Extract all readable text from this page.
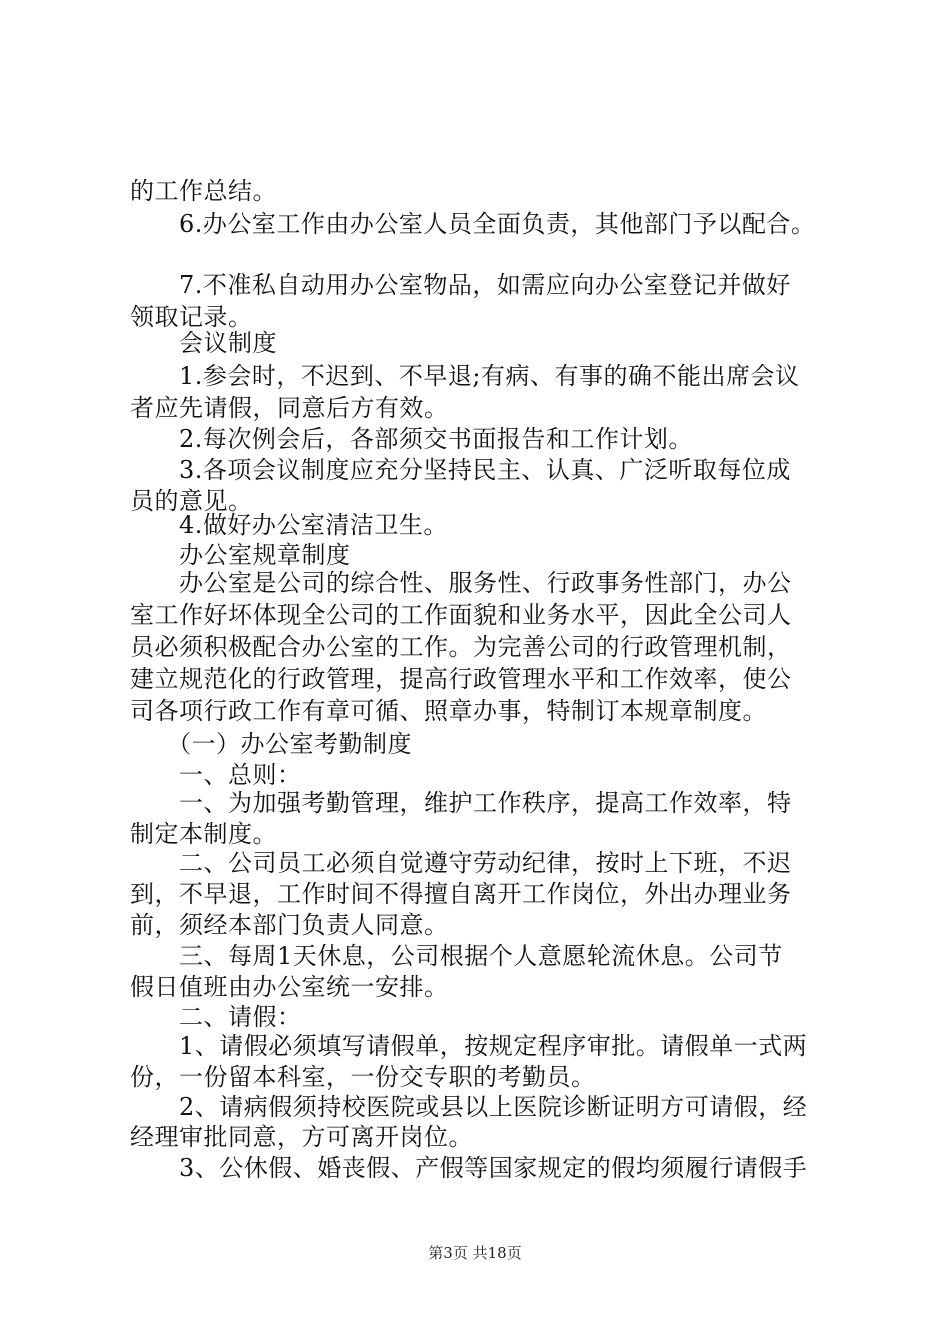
的工作总结。
　　6.办公室工作由办公室人员全面负责，其他部门予以配合。
　　7.不准私自动用办公室物品，如需应向办公室登记并做好
领取记录。
　　会议制度
　　1.参会时，不迟到、不早退;有病、有事的确不能出席会议
者应先请假，同意后方有效。
　　2.每次例会后，各部须交书面报告和工作计划。
　　3.各项会议制度应充分坚持民主、认真、广泛听取每位成
员的意见。
　　4.做好办公室清洁卫生。
　　办公室规章制度
　　办公室是公司的综合性、服务性、行政事务性部门，办公
室工作好坏体现全公司的工作面貌和业务水平，因此全公司人
员必须积极配合办公室的工作。为完善公司的行政管理机制，
建立规范化的行政管理，提高行政管理水平和工作效率，使公
司各项行政工作有章可循、照章办事，特制订本规章制度。
　　（一）办公室考勤制度
　　一、总则：
　　一、为加强考勤管理，维护工作秩序，提高工作效率，特
制定本制度。
　　二、公司员工必须自觉遵守劳动纪律，按时上下班，不迟
到，不早退，工作时间不得擅自离开工作岗位，外出办理业务
前，须经本部门负责人同意。
　　三、每周1天休息，公司根据个人意愿轮流休息。公司节
假日值班由办公室统一安排。
　　二、请假：
　　1、请假必须填写请假单，按规定程序审批。请假单一式两
份，一份留本科室，一份交专职的考勤员。
　　2、请病假须持校医院或县以上医院诊断证明方可请假，经
经理审批同意，方可离开岗位。
　　3、公休假、婚丧假、产假等国家规定的假均须履行请假手
第3页 共18页
